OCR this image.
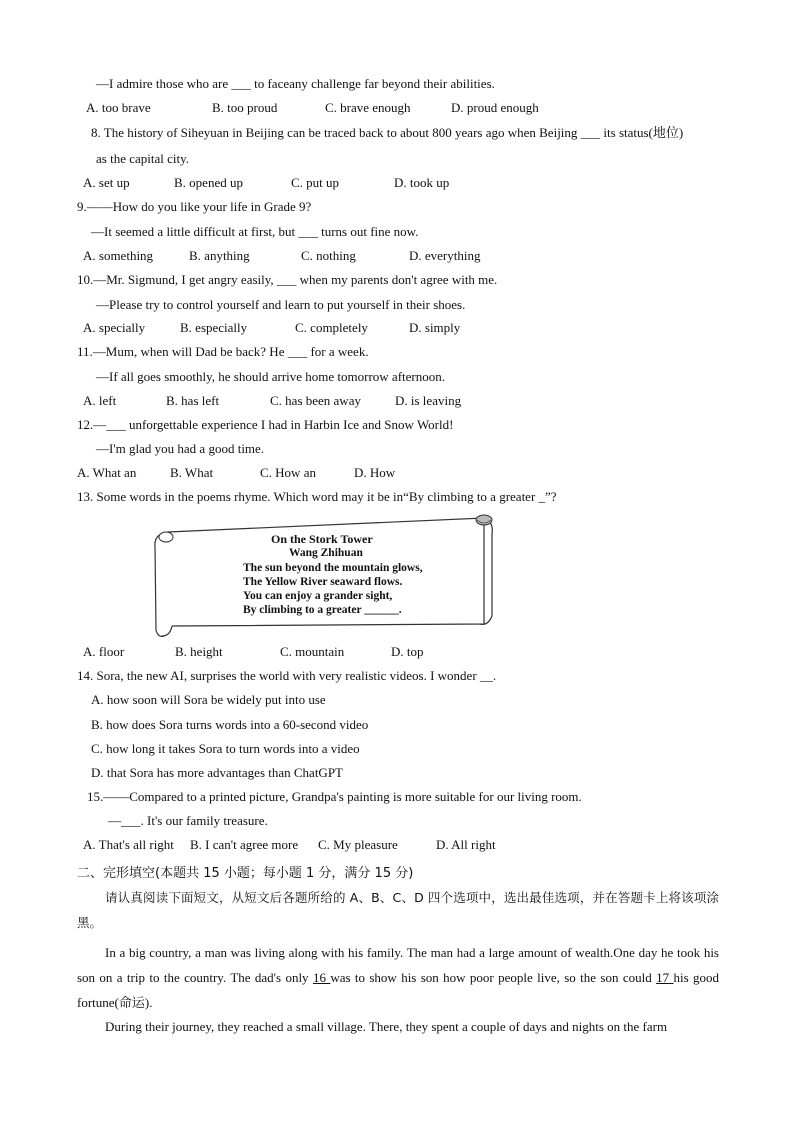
—I admire those who are ___ to faceany challenge far beyond their abilities.
A. too brave	B. too proud	C. brave enough	D. proud enough
8. The history of Siheyuan in Beijing can be traced back to about 800 years ago when Beijing ___ its status(地位)
as the capital city.
A. set up	B. opened up	C. put up	D. took up
9.——How do you like your life in Grade 9?
—It seemed a little difficult at first, but ___ turns out fine now.
A. something	B. anything	C. nothing	D. everything
10.—Mr. Sigmund, I get angry easily, ___ when my parents don't agree with me.
—Please try to control yourself and learn to put yourself in their shoes.
A. specially	B. especially	C. completely	D. simply
11.—Mum, when will Dad be back? He ___ for a week.
—If all goes smoothly, he should arrive home tomorrow afternoon.
A. left	B. has left	C. has been away	D. is leaving
12.—___ unforgettable experience I had in Harbin Ice and Snow World!
—I'm glad you had a good time.
A. What an	B. What	C. How an	D. How
13. Some words in the poems rhyme. Which word may it be in“By climbing to a greater _”?
On the Stork Tower
Wang Zhihuan
The sun beyond the mountain glows,
The Yellow River seaward flows.
You can enjoy a grander sight,
By climbing to a greater ______.
A. floor	B. height	C. mountain	D. top
14. Sora, the new AI, surprises the world with very realistic videos. I wonder __.
A. how soon will Sora be widely put into use
B. how does Sora turns words into a 60-second video
C. how long it takes Sora to turn words into a video
D. that Sora has more advantages than ChatGPT
15.——Compared to a printed picture, Grandpa's painting is more suitable for our living room.
—___. It's our family treasure.
A. That's all right B. I can't agree more C. My pleasure	D. All right
二、完形填空(本题共 15 小题；每小题 1 分，满分 15 分)
请认真阅读下面短文，从短文后各题所给的 A、B、C、D 四个选项中，选出最佳选项，并在答题卡上将该项涂黑。
In a big country, a man was living along with his family. The man had a large amount of wealth.One day he took his son on a trip to the country. The dad's only 16 was to show his son how poor people live, so the son could 17 his good fortune(命运).
During their journey, they reached a small village. There, they spent a couple of days and nights on the farm
